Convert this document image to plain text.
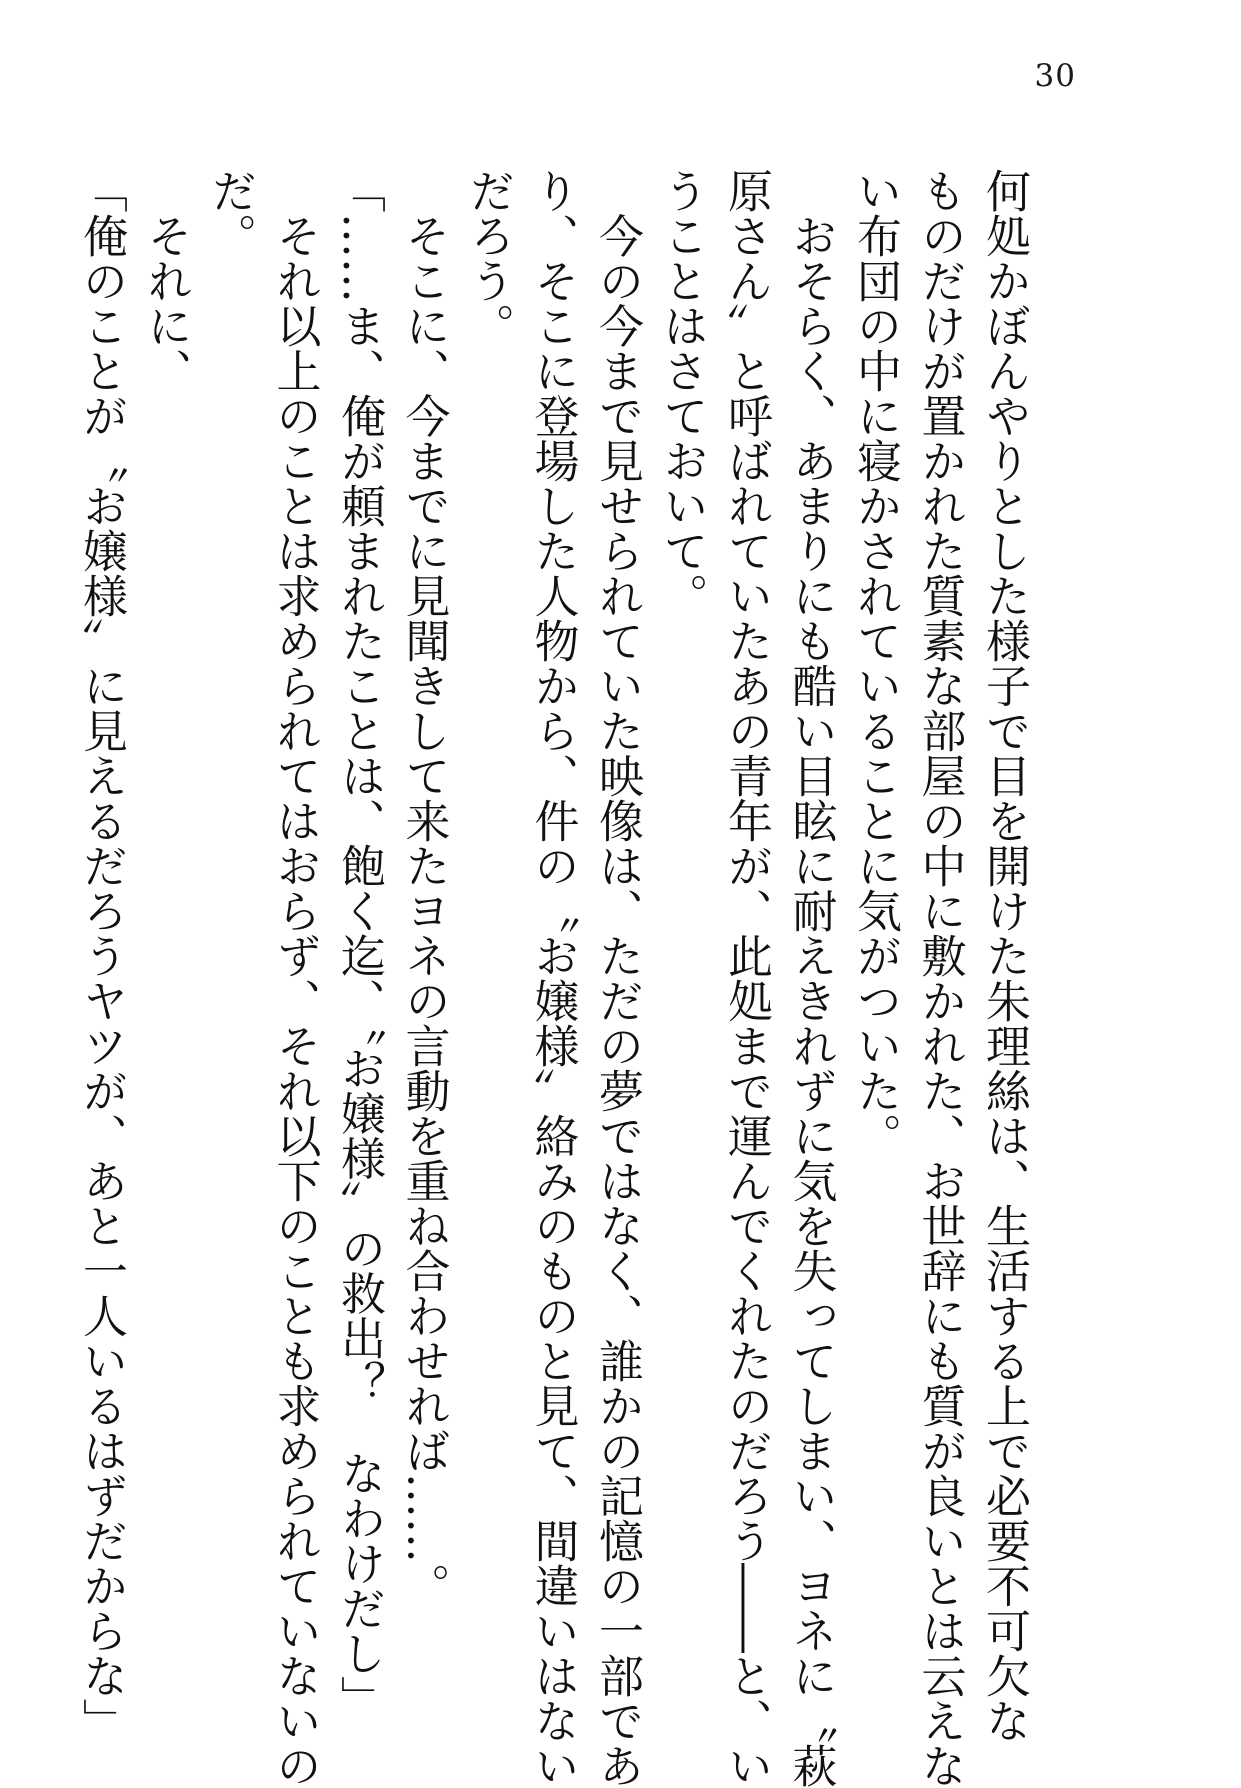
30
何処かぼんやりとした様子で目を開けた朱理絲は、生活する上で必要不可欠な
ものだけが置かれた質素な部屋の中に敷かれた、お世辞にも質が良いとは云えな
い布団の中に寝かされていることに気がついた。
おそらく、あまりにも酷い目眩に耐えきれずに気を失ってしまい、ヨネに〝萩
原さん〟と呼ばれていたあの青年が、此処まで運んでくれたのだろう――と、い
うことはさておいて。
今の今まで見せられていた映像は、ただの夢ではなく、誰かの記憶の一部であ
り、そこに登場した人物から、件の〝お嬢様〟絡みのものと見て、間違いはない
だろう。
そこに、今までに見聞きして来たヨネの言動を重ね合わせれば……。
「……ま、俺が頼まれたことは、飽く迄、〝お嬢様〟の救出？　なわけだし」
それ以上のことは求められてはおらず、それ以下のことも求められていないの
だ。
それに、
「俺のことが〝お嬢様〟に見えるだろうヤツが、あと一人いるはずだからな」
